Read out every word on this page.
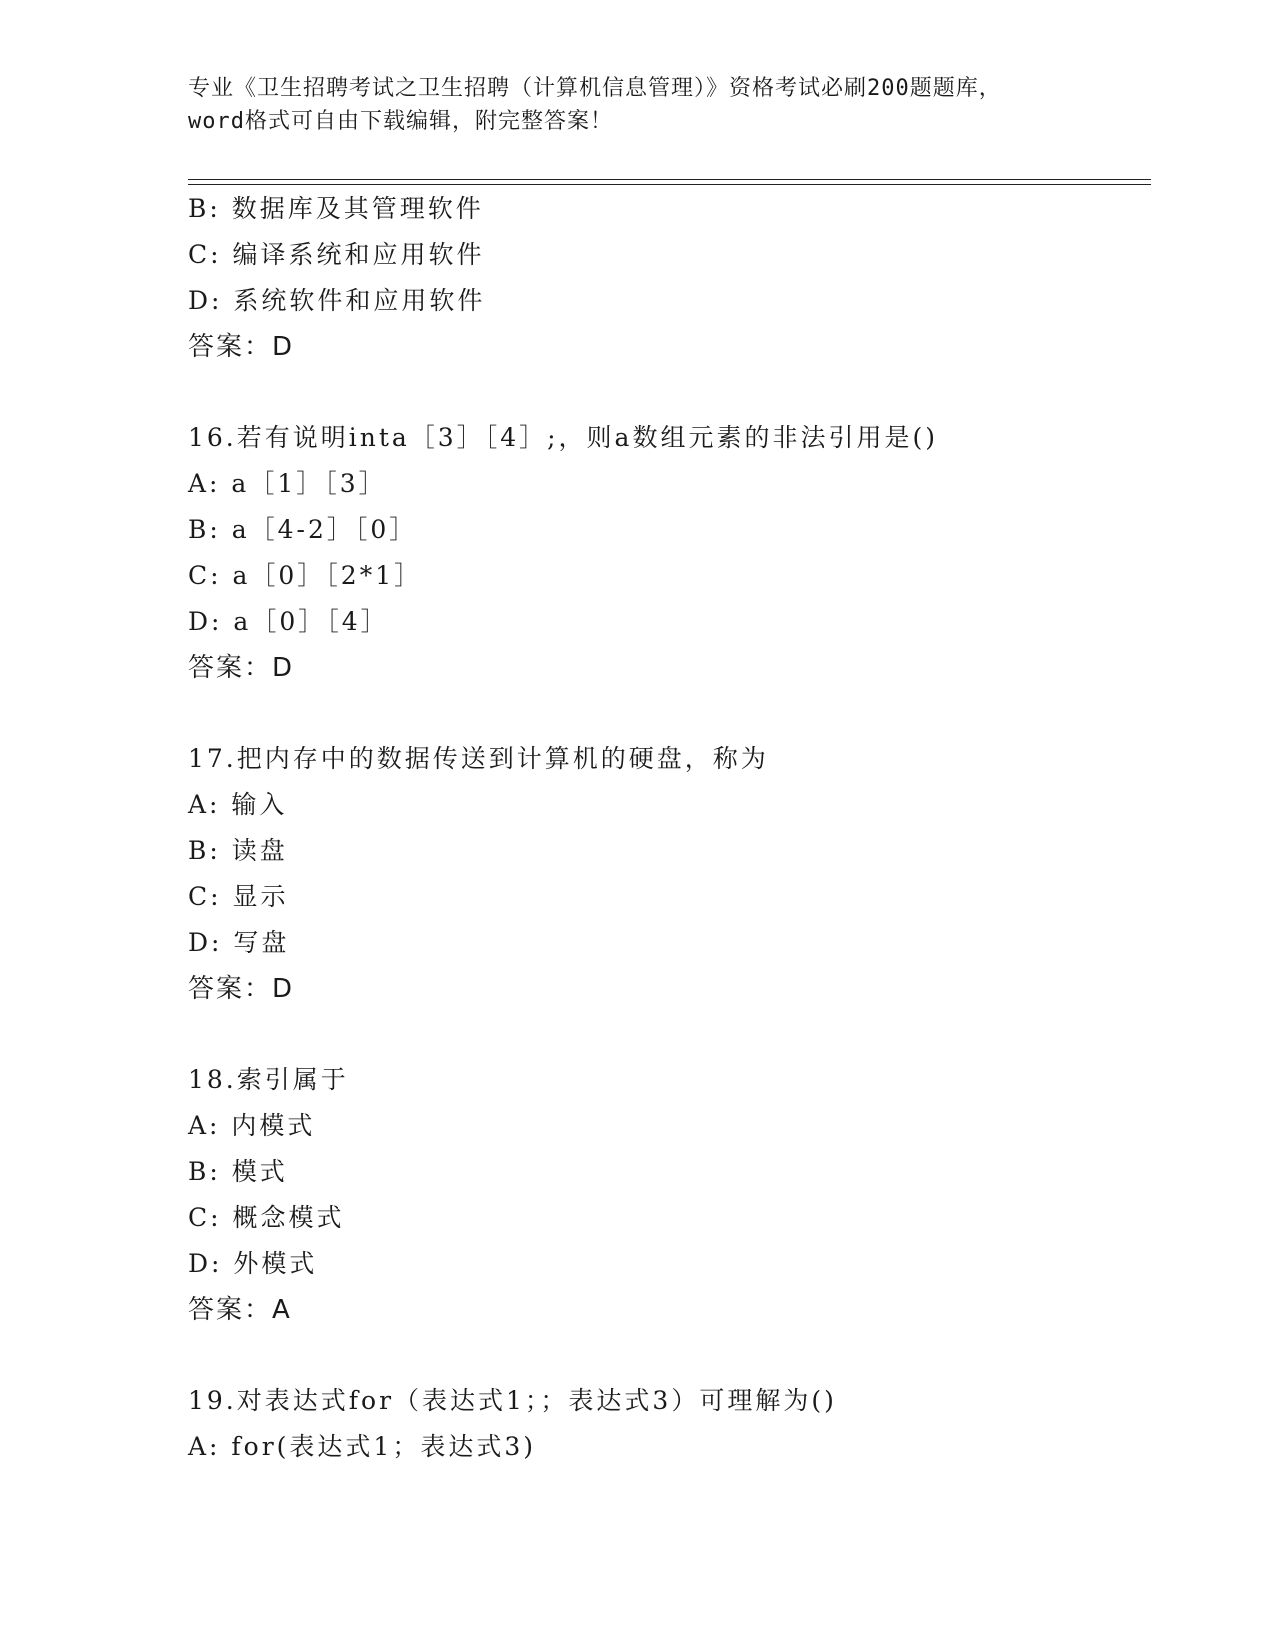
专业《卫生招聘考试之卫生招聘（计算机信息管理）》资格考试必刷200题题库，
word格式可自由下载编辑，附完整答案！
B: 数据库及其管理软件
C: 编译系统和应用软件
D: 系统软件和应用软件
答案：D
16.若有说明inta［3］［4］;，则a数组元素的非法引用是()
A: a［1］［3］
B: a［4-2］［0］
C: a［0］［2*1］
D: a［0］［4］
答案：D
17.把内存中的数据传送到计算机的硬盘，称为
A: 输入
B: 读盘
C: 显示
D: 写盘
答案：D
18.索引属于
A: 内模式
B: 模式
C: 概念模式
D: 外模式
答案：A
19.对表达式for（表达式1；；表达式3）可理解为()
A: for(表达式1；表达式3)
